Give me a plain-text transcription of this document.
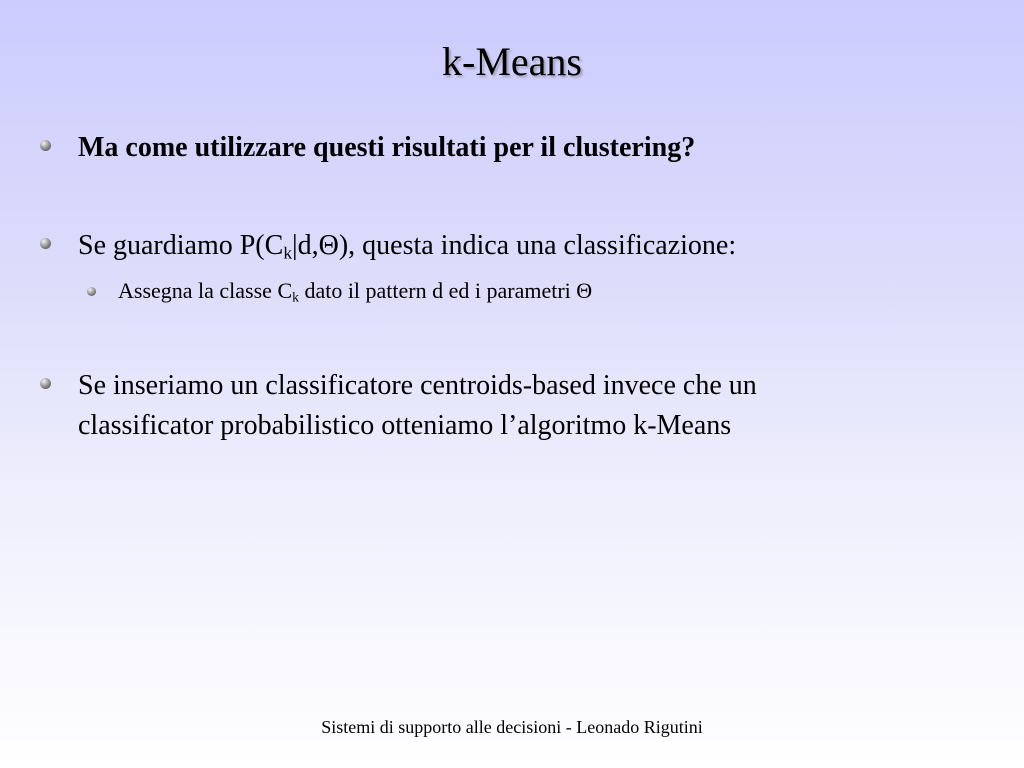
k-Means
Ma come utilizzare questi risultati per il clustering?
Se guardiamo $P(C_k|d,\Theta)$, questa indica una classificazione:
Assegna la classe $C_k$ dato il pattern d ed i parametri Θ
Se inseriamo un classificatore centroids-based invece che un
classificator probabilistico otteniamo l’algoritmo k-Means
Sistemi di supporto alle decisioni - Leonado Rigutini
